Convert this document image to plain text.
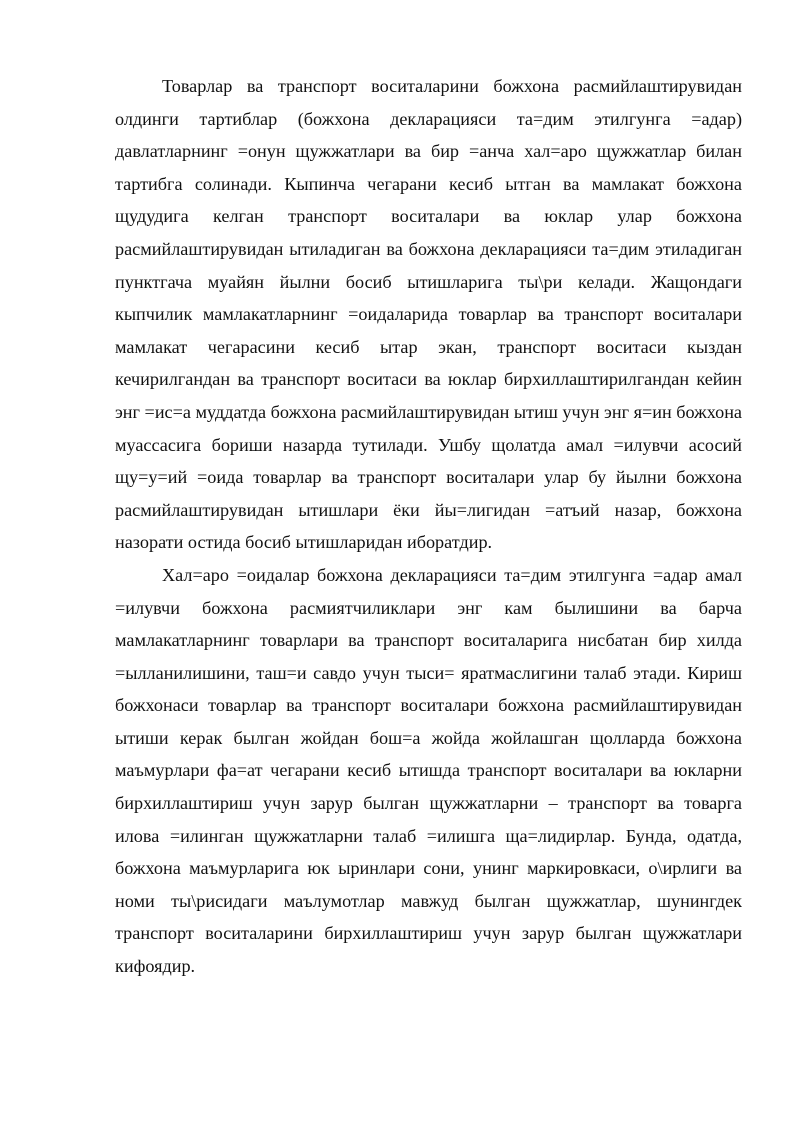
Товарлар ва транспорт воситаларини божхона расмийлаштирувидан олдинги тартиблар (божхона декларацияси та=дим этилгунга =адар) давлатларнинг =онун щужжатлари ва бир =анча хал=аро щужжатлар билан тартибга солинади. Кыпинча чегарани кесиб ытган ва мамлакат божхона щудудига келган транспорт воситалари ва юклар улар божхона расмийлаштирувидан ытиладиган ва божхона декларацияси та=дим этиладиган пунктгача муайян йылни босиб ытишларига ты\ри келади. Жащондаги кыпчилик мамлакатларнинг =оидаларида товарлар ва транспорт воситалари мамлакат чегарасини кесиб ытар экан, транспорт воситаси кыздан кечирилгандан ва транспорт воситаси ва юклар бирхиллаштирилгандан кейин энг =ис=а муддатда божхона расмийлаштирувидан ытиш учун энг я=ин божхона муассасига бориши назарда тутилади. Ушбу щолатда амал =илувчи асосий щу=у=ий =оида товарлар ва транспорт воситалари улар бу йылни божхона расмийлаштирувидан ытишлари ёки йы=лигидан =атъий назар, божхона назорати остида босиб ытишларидан иборатдир.

Хал=аро =оидалар божхона декларацияси та=дим этилгунга =адар амал =илувчи божхона расмиятчиликлари энг кам былишини ва барча мамлакатларнинг товарлари ва транспорт воситаларига нисбатан бир хилда =ылланилишини, таш=и савдо учун тыси= яратмаслигини талаб этади. Кириш божхонаси товарлар ва транспорт воситалари божхона расмийлаштирувидан ытиши керак былган жойдан бош=а жойда жойлашган щолларда божхона маъмурлари фа=ат чегарани кесиб ытишда транспорт воситалари ва юкларни бирхиллаштириш учун зарур былган щужжатларни – транспорт ва товарга илова =илинган щужжатларни талаб =илишга ща=лидирлар. Бунда, одатда, божхона маъмурларига юк ыринлари сони, унинг маркировкаси, о\ирлиги ва номи ты\рисидаги маълумотлар мавжуд былган щужжатлар, шунингдек транспорт воситаларини бирхиллаштириш учун зарур былган щужжатлари кифоядир.
